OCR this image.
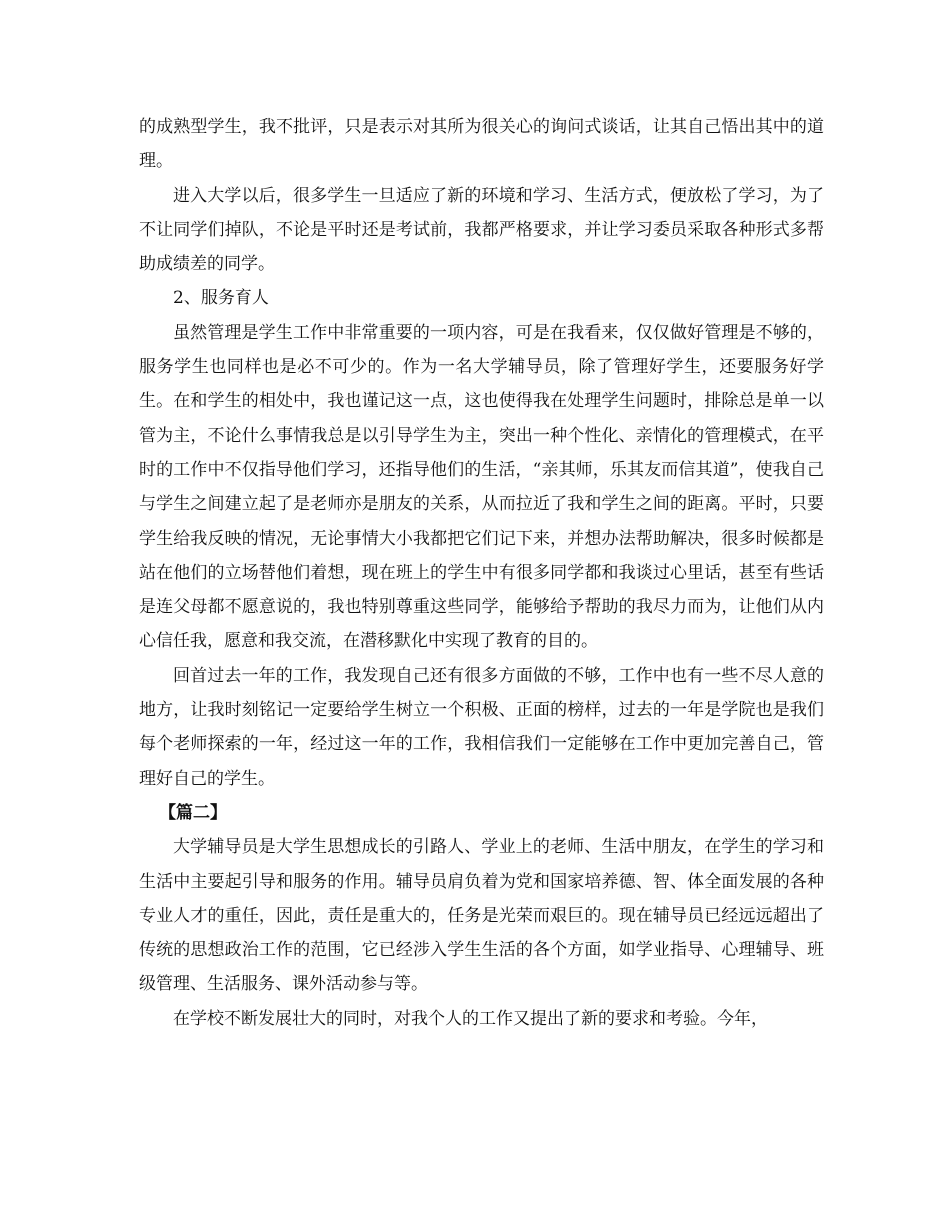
的成熟型学生，我不批评，只是表示对其所为很关心的询问式谈话，让其自己悟出其中的道理。

进入大学以后，很多学生一旦适应了新的环境和学习、生活方式，便放松了学习，为了不让同学们掉队，不论是平时还是考试前，我都严格要求，并让学习委员采取各种形式多帮助成绩差的同学。

2、服务育人

虽然管理是学生工作中非常重要的一项内容，可是在我看来，仅仅做好管理是不够的，服务学生也同样也是必不可少的。作为一名大学辅导员，除了管理好学生，还要服务好学生。在和学生的相处中，我也谨记这一点，这也使得我在处理学生问题时，排除总是单一以管为主，不论什么事情我总是以引导学生为主，突出一种个性化、亲情化的管理模式，在平时的工作中不仅指导他们学习，还指导他们的生活，“亲其师，乐其友而信其道”，使我自己与学生之间建立起了是老师亦是朋友的关系，从而拉近了我和学生之间的距离。平时，只要学生给我反映的情况，无论事情大小我都把它们记下来，并想办法帮助解决，很多时候都是站在他们的立场替他们着想，现在班上的学生中有很多同学都和我谈过心里话，甚至有些话是连父母都不愿意说的，我也特别尊重这些同学，能够给予帮助的我尽力而为，让他们从内心信任我，愿意和我交流，在潜移默化中实现了教育的目的。

回首过去一年的工作，我发现自己还有很多方面做的不够，工作中也有一些不尽人意的地方，让我时刻铭记一定要给学生树立一个积极、正面的榜样，过去的一年是学院也是我们每个老师探索的一年，经过这一年的工作，我相信我们一定能够在工作中更加完善自己，管理好自己的学生。

【篇二】

大学辅导员是大学生思想成长的引路人、学业上的老师、生活中朋友，在学生的学习和生活中主要起引导和服务的作用。辅导员肩负着为党和国家培养德、智、体全面发展的各种专业人才的重任，因此，责任是重大的，任务是光荣而艰巨的。现在辅导员已经远远超出了传统的思想政治工作的范围，它已经涉入学生生活的各个方面，如学业指导、心理辅导、班级管理、生活服务、课外活动参与等。

在学校不断发展壮大的同时，对我个人的工作又提出了新的要求和考验。今年，
